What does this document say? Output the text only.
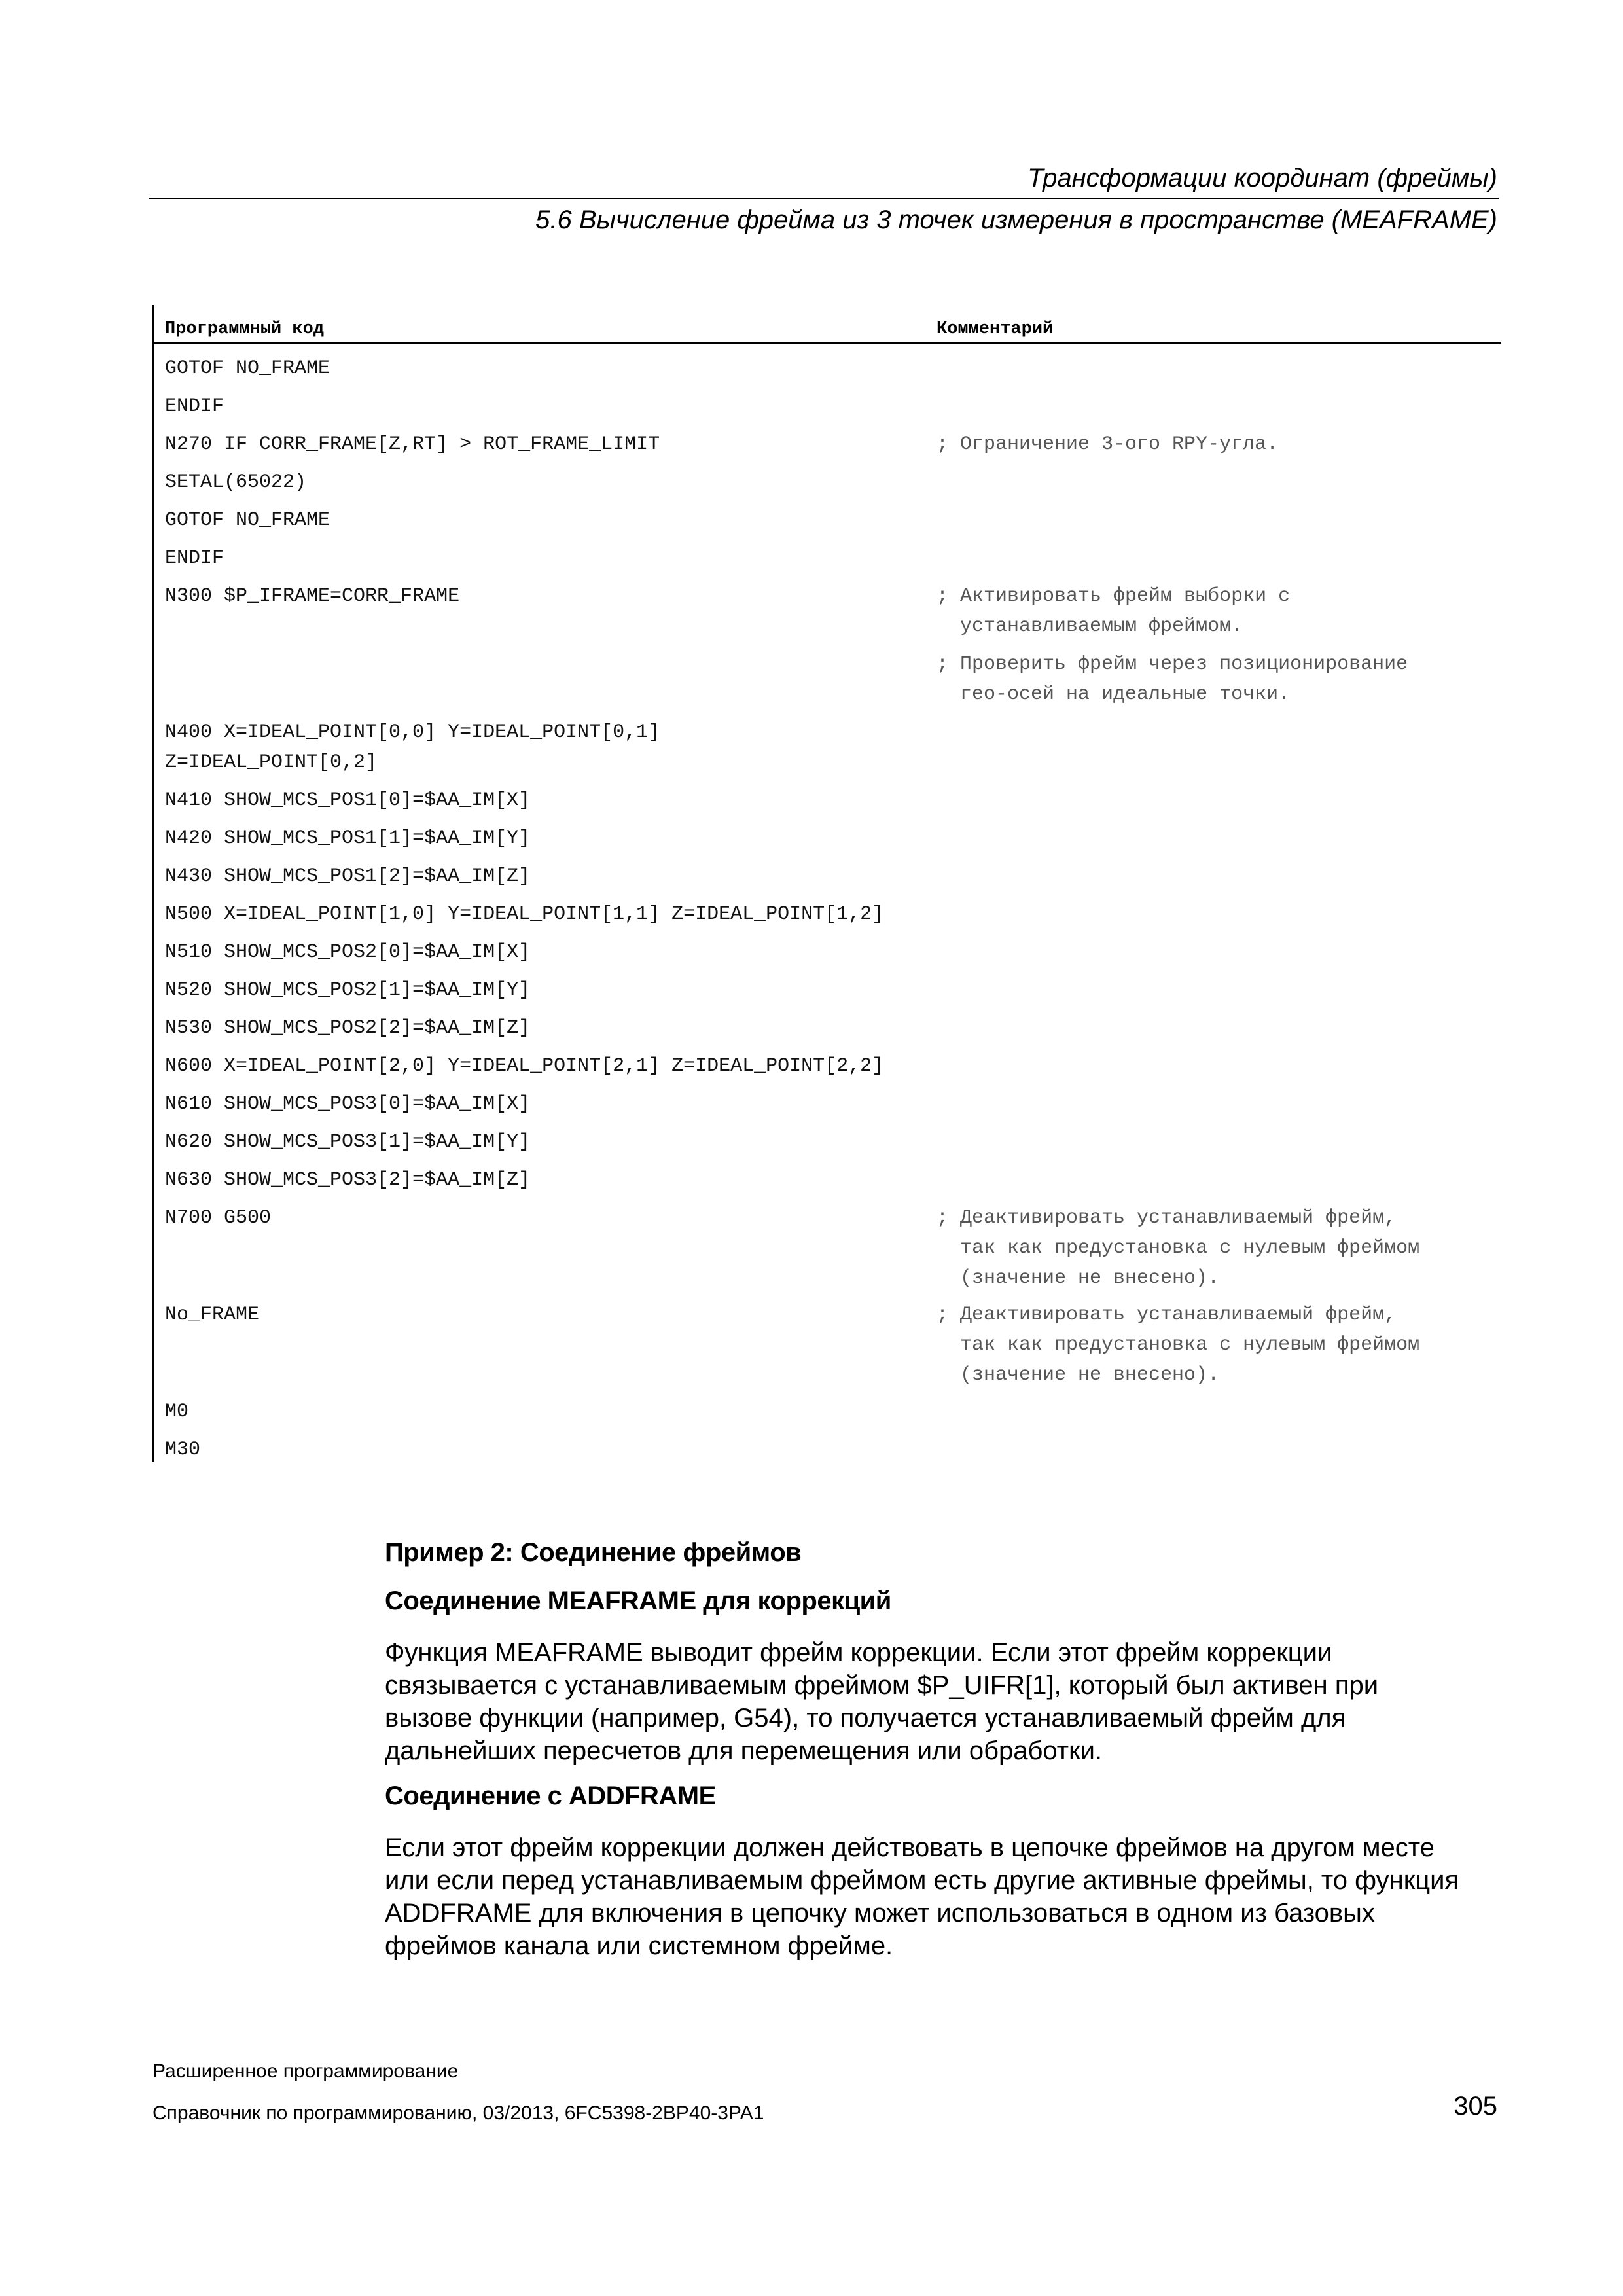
Трансформации координат (фреймы)
5.6 Вычисление фрейма из 3 точек измерения в пространстве (MEAFRAME)
Программный код	Комментарий
GOTOF NO_FRAME
ENDIF
N270 IF CORR_FRAME[Z,RT] > ROT_FRAME_LIMIT	; Ограничение 3-ого RPY-угла.
SETAL(65022)
GOTOF NO_FRAME
ENDIF
N300 $P_IFRAME=CORR_FRAME	; Активировать фрейм выборки с
устанавливаемым фреймом.
; Проверить фрейм через позиционирование
гео-осей на идеальные точки.
N400 X=IDEAL_POINT[0,0] Y=IDEAL_POINT[0,1]
Z=IDEAL_POINT[0,2]
N410 SHOW_MCS_POS1[0]=$AA_IM[X]
N420 SHOW_MCS_POS1[1]=$AA_IM[Y]
N430 SHOW_MCS_POS1[2]=$AA_IM[Z]
N500 X=IDEAL_POINT[1,0] Y=IDEAL_POINT[1,1] Z=IDEAL_POINT[1,2]
N510 SHOW_MCS_POS2[0]=$AA_IM[X]
N520 SHOW_MCS_POS2[1]=$AA_IM[Y]
N530 SHOW_MCS_POS2[2]=$AA_IM[Z]
N600 X=IDEAL_POINT[2,0] Y=IDEAL_POINT[2,1] Z=IDEAL_POINT[2,2]
N610 SHOW_MCS_POS3[0]=$AA_IM[X]
N620 SHOW_MCS_POS3[1]=$AA_IM[Y]
N630 SHOW_MCS_POS3[2]=$AA_IM[Z]
N700 G500	; Деактивировать устанавливаемый фрейм,
так как предустановка с нулевым фреймом
(значение не внесено).
No_FRAME	; Деактивировать устанавливаемый фрейм,
так как предустановка с нулевым фреймом
(значение не внесено).
M0
M30
Пример 2: Соединение фреймов
Соединение MEAFRAME для коррекций
Функция MEAFRAME выводит фрейм коррекции. Если этот фрейм коррекции
связывается с устанавливаемым фреймом $P_UIFR[1], который был активен при
вызове функции (например, G54), то получается устанавливаемый фрейм для
дальнейших пересчетов для перемещения или обработки.
Соединение с ADDFRAME
Если этот фрейм коррекции должен действовать в цепочке фреймов на другом месте
или если перед устанавливаемым фреймом есть другие активные фреймы, то функция
ADDFRAME для включения в цепочку может использоваться в одном из базовых
фреймов канала или системном фрейме.
Расширенное программирование
Справочник по программированию, 03/2013, 6FC5398-2BP40-3PA1	305
